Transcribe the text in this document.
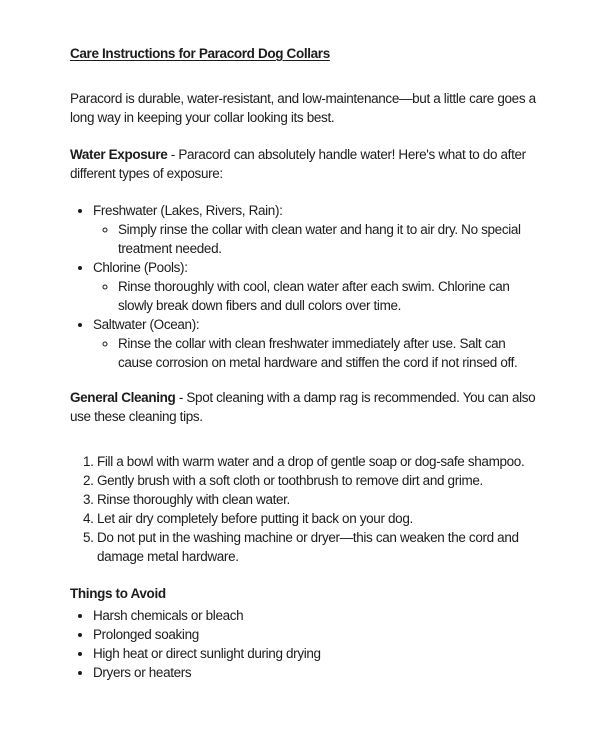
Care Instructions for Paracord Dog Collars

Paracord is durable, water-resistant, and low-maintenance—but a little care goes a long way in keeping your collar looking its best.

Water Exposure - Paracord can absolutely handle water! Here's what to do after different types of exposure:

• Freshwater (Lakes, Rivers, Rain):
◦ Simply rinse the collar with clean water and hang it to air dry. No special treatment needed.
• Chlorine (Pools):
◦ Rinse thoroughly with cool, clean water after each swim. Chlorine can slowly break down fibers and dull colors over time.
• Saltwater (Ocean):
◦ Rinse the collar with clean freshwater immediately after use. Salt can cause corrosion on metal hardware and stiffen the cord if not rinsed off.

General Cleaning - Spot cleaning with a damp rag is recommended. You can also use these cleaning tips.

Fill a bowl with warm water and a drop of gentle soap or dog-safe shampoo.
Gently brush with a soft cloth or toothbrush to remove dirt and grime.
Rinse thoroughly with clean water.
Let air dry completely before putting it back on your dog.
Do not put in the washing machine or dryer—this can weaken the cord and damage metal hardware.

Things to Avoid

• Harsh chemicals or bleach
• Prolonged soaking
• High heat or direct sunlight during drying
• Dryers or heaters
